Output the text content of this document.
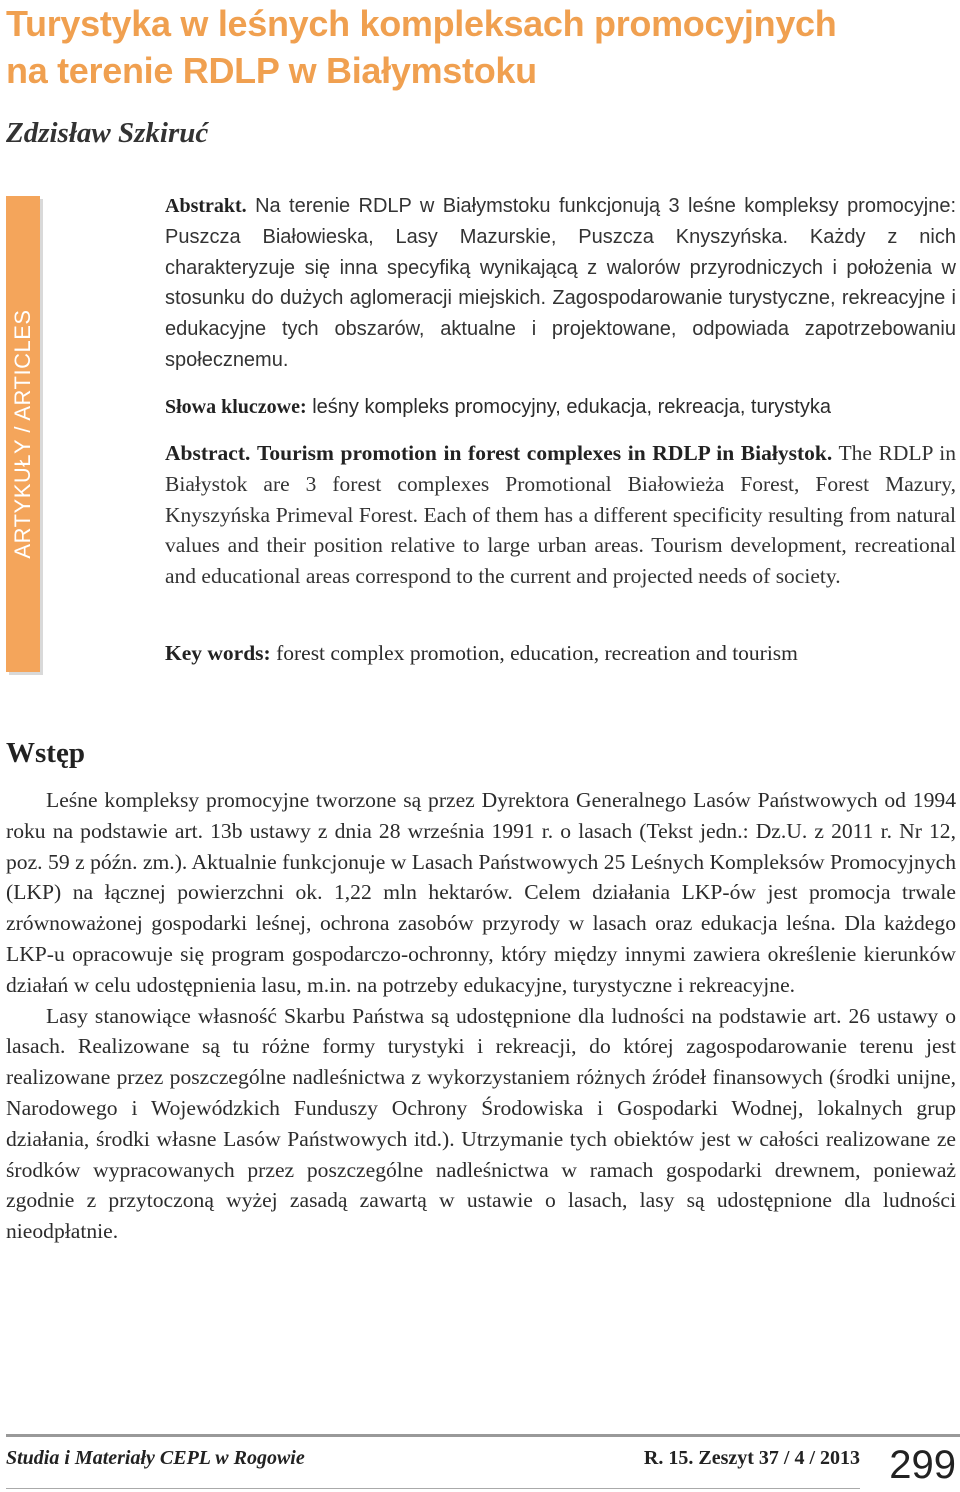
Turystyka w leśnych kompleksach promocyjnych
na terenie RDLP w Białymstoku
Zdzisław Szkiruć
ARTYKUŁY / ARTICLES

Abstrakt. Na terenie RDLP w Białymstoku funkcjonują 3 leśne kompleksy promocyjne: Puszcza Białowieska, Lasy Mazurskie, Puszcza Knyszyńska. Każdy z nich charakteryzuje się inna specyfiką wynikającą z walorów przyrodniczych i położenia w stosunku do dużych aglomeracji miejskich. Zagospodarowanie turystyczne, rekreacyjne i edukacyjne tych obszarów, aktualne i projektowane, odpowiada zapotrzebowaniu społecznemu.

Słowa kluczowe: leśny kompleks promocyjny, edukacja, rekreacja, turystyka

Abstract. Tourism promotion in forest complexes in RDLP in Białystok. The RDLP in Białystok are 3 forest complexes Promotional Białowieża Forest, Forest Mazury, Knyszyńska Primeval Forest. Each of them has a different specificity resulting from natural values and their position relative to large urban areas. Tourism development, recreational and educational areas correspond to the current and projected needs of society.

Key words: forest complex promotion, education, recreation and tourism
Wstęp

Leśne kompleksy promocyjne tworzone są przez Dyrektora Generalnego Lasów Państwowych od 1994 roku na podstawie art. 13b ustawy z dnia 28 września 1991 r. o lasach (Tekst jedn.: Dz.U. z 2011 r. Nr 12, poz. 59 z późn. zm.). Aktualnie funkcjonuje w Lasach Państwowych 25 Leśnych Kompleksów Promocyjnych (LKP) na łącznej powierzchni ok. 1,22 mln hektarów. Celem działania LKP-ów jest promocja trwale zrównoważonej gospodarki leśnej, ochrona zasobów przyrody w lasach oraz edukacja leśna. Dla każdego LKP-u opracowuje się program gospodarczo-ochronny, który między innymi zawiera określenie kierunków działań w celu udostępnienia lasu, m.in. na potrzeby edukacyjne, turystyczne i rekreacyjne.

Lasy stanowiące własność Skarbu Państwa są udostępnione dla ludności na podstawie art. 26 ustawy o lasach. Realizowane są tu różne formy turystyki i rekreacji, do której zagospodarowanie terenu jest realizowane przez poszczególne nadleśnictwa z wykorzystaniem różnych źródeł finansowych (środki unijne, Narodowego i Wojewódzkich Funduszy Ochrony Środowiska i Gospodarki Wodnej, lokalnych grup działania, środki własne Lasów Państwowych itd.). Utrzymanie tych obiektów jest w całości realizowane ze środków wypracowanych przez poszczególne nadleśnictwa w ramach gospodarki drewnem, ponieważ zgodnie z przytoczoną wyżej zasadą zawartą w ustawie o lasach, lasy są udostępnione dla ludności nieodpłatnie.

Studia i Materiały CEPL w Rogowie	R. 15. Zeszyt 37 / 4 / 2013 299
